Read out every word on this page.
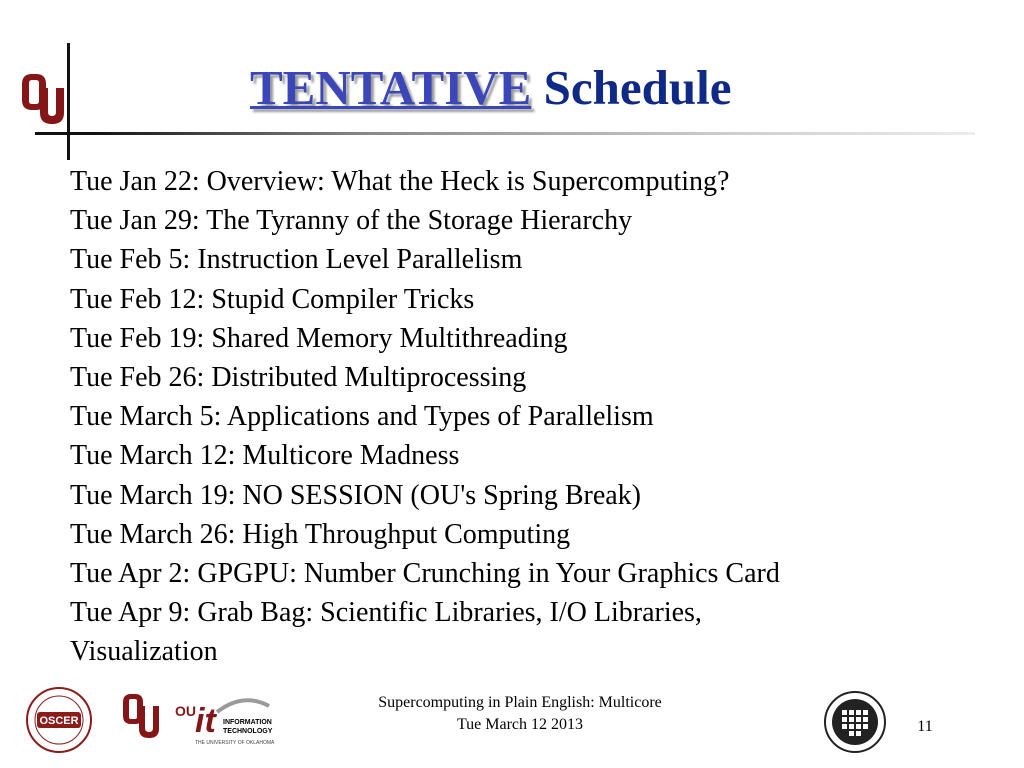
TENTATIVE Schedule
Tue Jan 22: Overview: What the Heck is Supercomputing?
Tue Jan 29: The Tyranny of the Storage Hierarchy
Tue Feb 5: Instruction Level Parallelism
Tue Feb 12: Stupid Compiler Tricks
Tue Feb 19: Shared Memory Multithreading
Tue Feb 26: Distributed Multiprocessing
Tue March 5: Applications and Types of Parallelism
Tue March 12: Multicore Madness
Tue March 19: NO SESSION (OU's Spring Break)
Tue March 26: High Throughput Computing
Tue Apr 2: GPGPU: Number Crunching in Your Graphics Card
Tue Apr 9: Grab Bag: Scientific Libraries, I/O Libraries,
Visualization
OSCER
OU it INFORMATION
TECHNOLOGY
THE UNIVERSITY OF OKLAHOMA
Supercomputing in Plain English: Multicore
Tue March 12 2013	11
